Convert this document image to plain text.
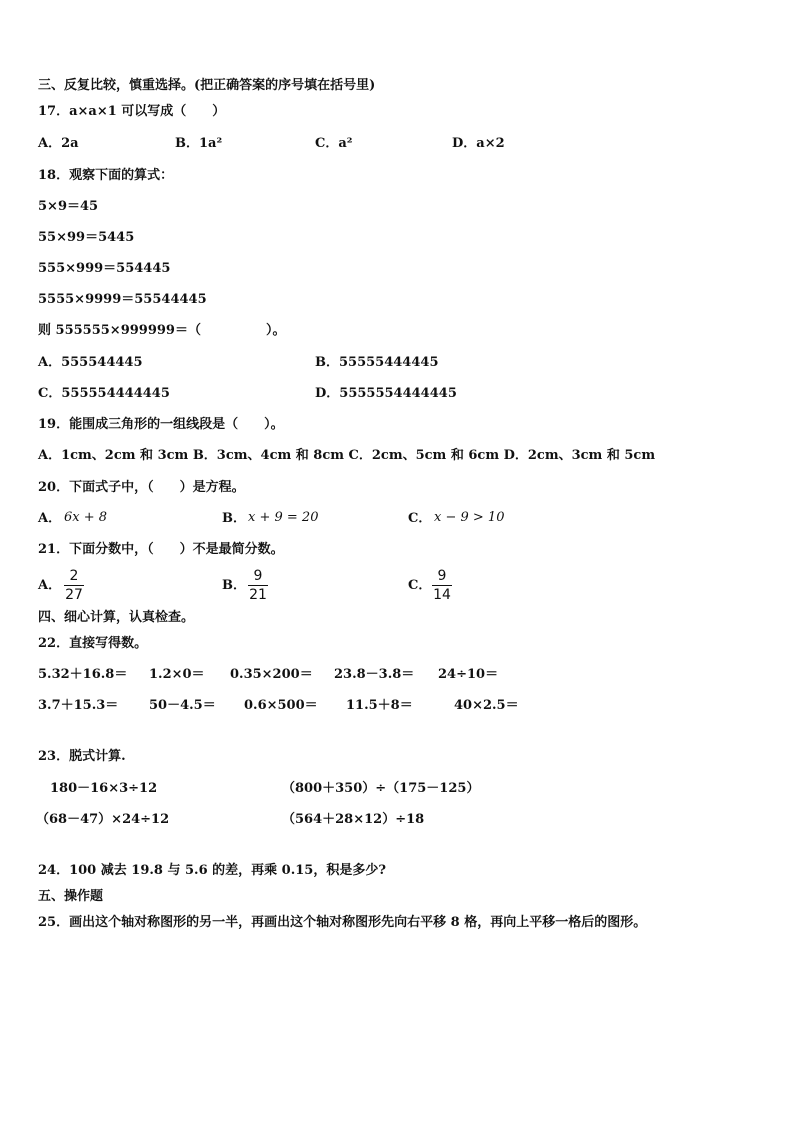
三、反复比较，慎重选择。(把正确答案的序号填在括号里)
17．a×a×1 可以写成（　　）
A．2a	B．1a²	C．a²	D．a×2
18．观察下面的算式：
5×9＝45
55×99＝5445
555×999＝554445
5555×9999＝55544445
则 555555×999999＝（　　　　　）。
A．555544445	B．55555444445
C．555554444445	D．5555554444445
19．能围成三角形的一组线段是（　　）。
A．1cm、2cm 和 3cm B．3cm、4cm 和 8cm C．2cm、5cm 和 6cm D．2cm、3cm 和 5cm
20．下面式子中，（　　）是方程。
A． 6x + 8	B． x + 9 = 20	C． x − 9 > 10
21．下面分数中，（　　）不是最简分数。
A．
2
27
B．
9
21
C．
9
14
四、细心计算，认真检查。
22．直接写得数。
5.32＋16.8＝ 1.2×0＝ 0.35×200＝ 23.8－3.8＝ 24÷10＝
3.7＋15.3＝ 50－4.5＝ 0.6×500＝ 11.5＋8＝	40×2.5＝
23．脱式计算.
180－16×3÷12	（800＋350）÷（175－125）
（68－47）×24÷12	（564＋28×12）÷18
24．100 减去 19.8 与 5.6 的差，再乘 0.15，积是多少?
五、操作题
25．画出这个轴对称图形的另一半，再画出这个轴对称图形先向右平移 8 格，再向上平移一格后的图形。
